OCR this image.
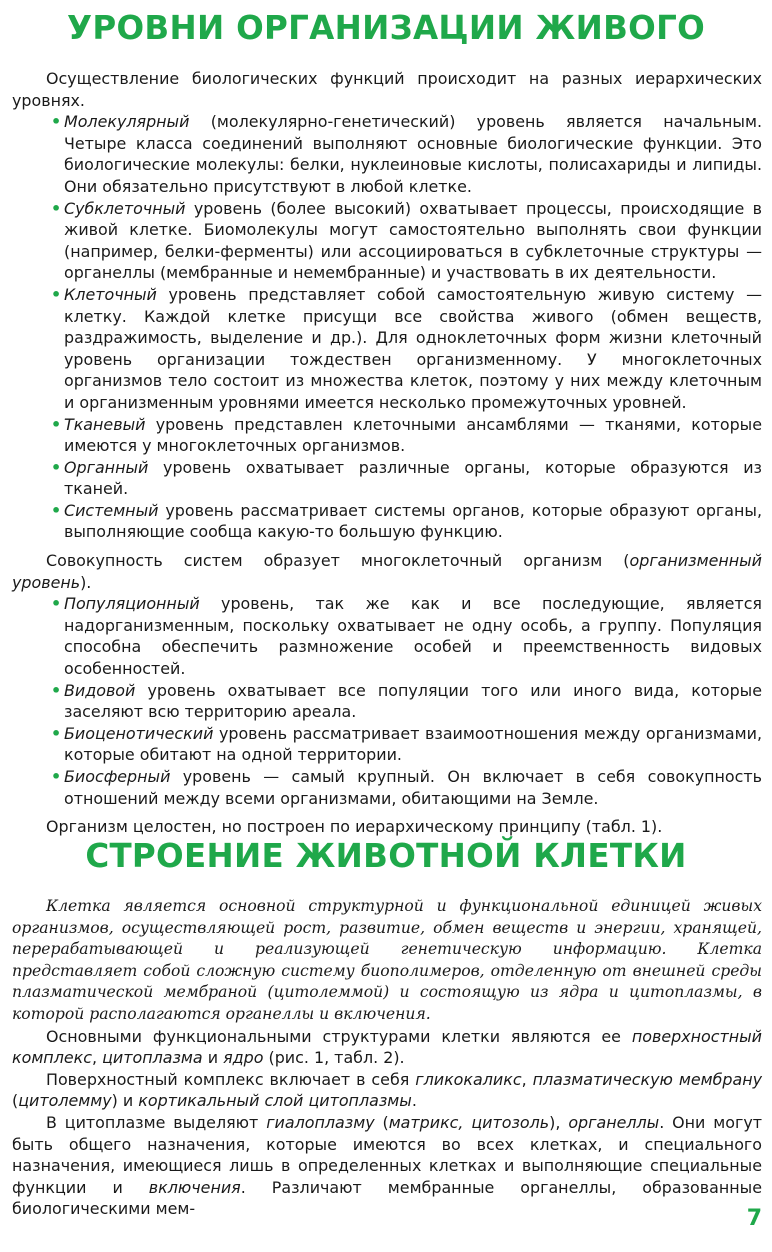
УРОВНИ ОРГАНИЗАЦИИ ЖИВОГО

Осуществление биологических функций происходит на разных иерархических уровнях.

• Молекулярный (молекулярно-генетический) уровень является начальным. Четыре класса соединений выполняют основные биологические функции. Это биологические молекулы: белки, нуклеиновые кислоты, полисахариды и липиды. Они обязательно присутствуют в любой клетке.
• Субклеточный уровень (более высокий) охватывает процессы, происходящие в живой клетке. Биомолекулы могут самостоятельно выполнять свои функции (например, белки-ферменты) или ассоциироваться в субклеточные структуры — органеллы (мембранные и немембранные) и участвовать в их деятельности.
• Клеточный уровень представляет собой самостоятельную живую систему — клетку. Каждой клетке присущи все свойства живого (обмен веществ, раздражимость, выделение и др.). Для одноклеточных форм жизни клеточный уровень организации тождествен организменному. У многоклеточных организмов тело состоит из множества клеток, поэтому у них между клеточным и организменным уровнями имеется несколько промежуточных уровней.
• Тканевый уровень представлен клеточными ансамблями — тканями, которые имеются у многоклеточных организмов.
• Органный уровень охватывает различные органы, которые образуются из тканей.
• Системный уровень рассматривает системы органов, которые образуют органы, выполняющие сообща какую-то большую функцию.

Совокупность систем образует многоклеточный организм (организменный уровень).

• Популяционный уровень, так же как и все последующие, является надорганизменным, поскольку охватывает не одну особь, а группу. Популяция способна обеспечить размножение особей и преемственность видовых особенностей.
• Видовой уровень охватывает все популяции того или иного вида, которые заселяют всю территорию ареала.
• Биоценотический уровень рассматривает взаимоотношения между организмами, которые обитают на одной территории.
• Биосферный уровень — самый крупный. Он включает в себя совокупность отношений между всеми организмами, обитающими на Земле.

Организм целостен, но построен по иерархическому принципу (табл. 1).

СТРОЕНИЕ ЖИВОТНОЙ КЛЕТКИ

Клетка является основной структурной и функциональной единицей живых организмов, осуществляющей рост, развитие, обмен веществ и энергии, хранящей, перерабатывающей и реализующей генетическую информацию. Клетка представляет собой сложную систему биополимеров, отделенную от внешней среды плазматической мембраной (цитолеммой) и состоящую из ядра и цитоплазмы, в которой располагаются органеллы и включения.

Основными функциональными структурами клетки являются ее поверхностный комплекс, цитоплазма и ядро (рис. 1, табл. 2).

Поверхностный комплекс включает в себя гликокаликс, плазматическую мембрану (цитолемму) и кортикальный слой цитоплазмы.

В цитоплазме выделяют гиалоплазму (матрикс, цитозоль), органеллы. Они могут быть общего назначения, которые имеются во всех клетках, и специального назначения, имеющиеся лишь в определенных клетках и выполняющие специальные функции и включения. Различают мембранные органеллы, образованные биологическими мем-	7
